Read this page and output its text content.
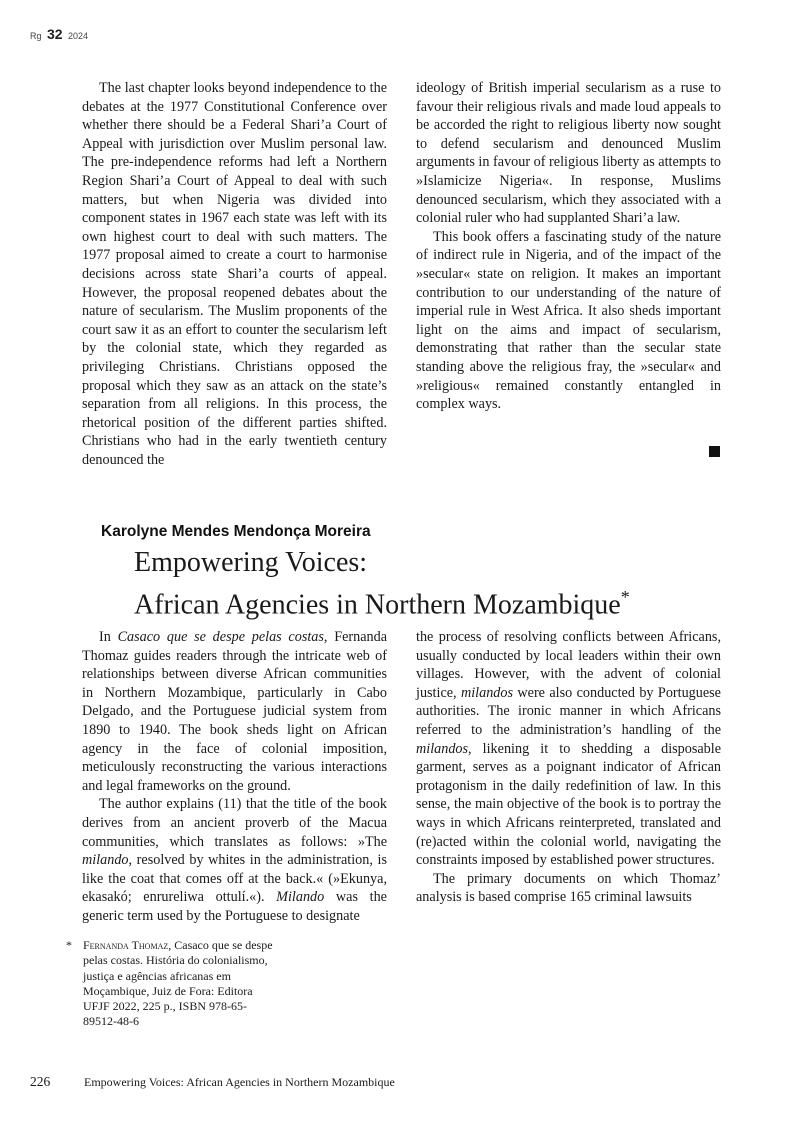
Rg 32 2024

The last chapter looks beyond independence to the debates at the 1977 Constitutional Conference over whether there should be a Federal Shari’a Court of Appeal with jurisdiction over Muslim personal law. The pre-independence reforms had left a Northern Region Shari’a Court of Appeal to deal with such matters, but when Nigeria was divided into component states in 1967 each state was left with its own highest court to deal with such matters. The 1977 proposal aimed to create a court to harmonise decisions across state Shari’a courts of appeal. However, the proposal reopened debates about the nature of secularism. The Muslim proponents of the court saw it as an effort to counter the secularism left by the colonial state, which they regarded as privileging Christians. Christians opposed the proposal which they saw as an attack on the state’s separation from all religions. In this process, the rhetorical position of the different parties shifted. Christians who had in the early twentieth century denounced the

ideology of British imperial secularism as a ruse to favour their religious rivals and made loud appeals to be accorded the right to religious liberty now sought to defend secularism and denounced Muslim arguments in favour of religious liberty as attempts to »Islamicize Nigeria«. In response, Muslims denounced secularism, which they associated with a colonial ruler who had supplanted Shari’a law.

This book offers a fascinating study of the nature of indirect rule in Nigeria, and of the impact of the »secular« state on religion. It makes an important contribution to our understanding of the nature of imperial rule in West Africa. It also sheds important light on the aims and impact of secularism, demonstrating that rather than the secular state standing above the religious fray, the »secular« and »religious« remained constantly entangled in complex ways.

Karolyne Mendes Mendonça Moreira
Empowering Voices:
African Agencies in Northern Mozambique*

In Casaco que se despe pelas costas, Fernanda Thomaz guides readers through the intricate web of relationships between diverse African communities in Northern Mozambique, particularly in Cabo Delgado, and the Portuguese judicial system from 1890 to 1940. The book sheds light on African agency in the face of colonial imposition, meticulously reconstructing the various interactions and legal frameworks on the ground.

The author explains (11) that the title of the book derives from an ancient proverb of the Macua communities, which translates as follows: »The milando, resolved by whites in the administration, is like the coat that comes off at the back.« (»Ekunya, ekasakó; enrureliwa ottulí.«). Milando was the generic term used by the Portuguese to designate

the process of resolving conflicts between Africans, usually conducted by local leaders within their own villages. However, with the advent of colonial justice, milandos were also conducted by Portuguese authorities. The ironic manner in which Africans referred to the administration’s handling of the milandos, likening it to shedding a disposable garment, serves as a poignant indicator of African protagonism in the daily redefinition of law. In this sense, the main objective of the book is to portray the ways in which Africans reinterpreted, translated and (re)acted within the colonial world, navigating the constraints imposed by established power structures.

The primary documents on which Thomaz’ analysis is based comprise 165 criminal lawsuits

* Fernanda Thomaz, Casaco que se despe pelas costas. História do colonialismo, justiça e agências africanas em Moçambique, Juiz de Fora: Editora UFJF 2022, 225 p., ISBN 978-65-89512-48-6
226	Empowering Voices: African Agencies in Northern Mozambique
